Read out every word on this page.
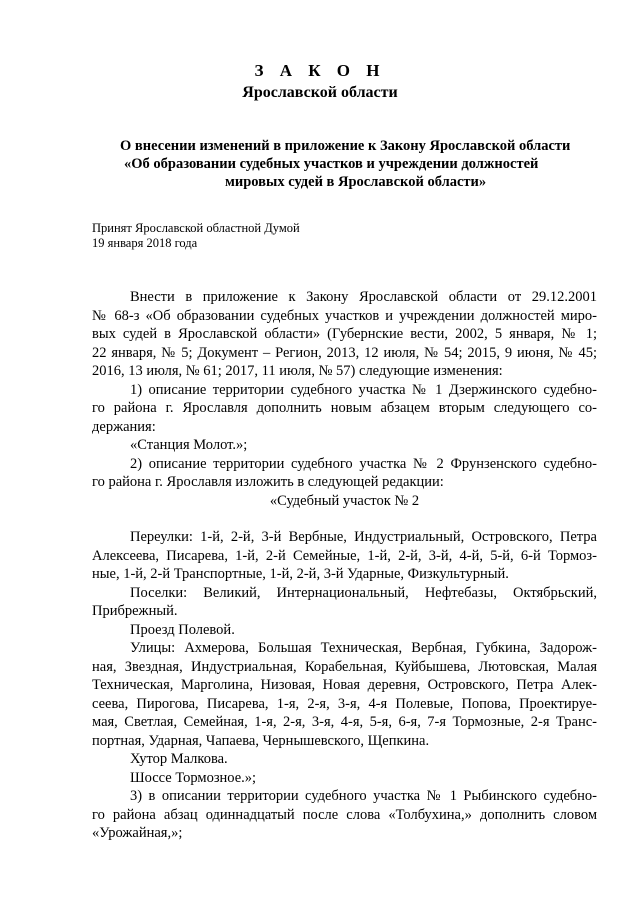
З А К О Н

Ярославской области

О внесении изменений в приложение к Закону Ярославской области
«Об образовании судебных участков и учреждении должностей
мировых судей в Ярославской области»
Принят Ярославской областной Думой
19 января 2018 года
Внести в приложение к Закону Ярославской области от 29.12.2001
№ 68-з «Об образовании судебных участков и учреждении должностей миро-
вых судей в Ярославской области» (Губернские вести, 2002, 5 января, № 1;
22 января, № 5; Документ – Регион, 2013, 12 июля, № 54; 2015, 9 июня, № 45;
2016, 13 июля, № 61; 2017, 11 июля, № 57) следующие изменения:
1) описание территории судебного участка № 1 Дзержинского судебно-
го района г. Ярославля дополнить новым абзацем вторым следующего со-
держания:
«Станция Молот.»;
2) описание территории судебного участка № 2 Фрунзенского судебно-
го района г. Ярославля изложить в следующей редакции:
«Судебный участок № 2
Переулки: 1-й, 2-й, 3-й Вербные, Индустриальный, Островского, Петра
Алексеева, Писарева, 1-й, 2-й Семейные, 1-й, 2-й, 3-й, 4-й, 5-й, 6-й Тормоз-
ные, 1-й, 2-й Транспортные, 1-й, 2-й, 3-й Ударные, Физкультурный.
Поселки: Великий, Интернациональный, Нефтебазы, Октябрьский,
Прибрежный.
Проезд Полевой.
Улицы: Ахмерова, Большая Техническая, Вербная, Губкина, Задорож-
ная, Звездная, Индустриальная, Корабельная, Куйбышева, Лютовская, Малая
Техническая, Марголина, Низовая, Новая деревня, Островского, Петра Алек-
сеева, Пирогова, Писарева, 1-я, 2-я, 3-я, 4-я Полевые, Попова, Проектируе-
мая, Светлая, Семейная, 1-я, 2-я, 3-я, 4-я, 5-я, 6-я, 7-я Тормозные, 2-я Транс-
портная, Ударная, Чапаева, Чернышевского, Щепкина.
Хутор Малкова.
Шоссе Тормозное.»;
3) в описании территории судебного участка № 1 Рыбинского судебно-
го района абзац одиннадцатый после слова «Толбухина,» дополнить словом
«Урожайная,»;
